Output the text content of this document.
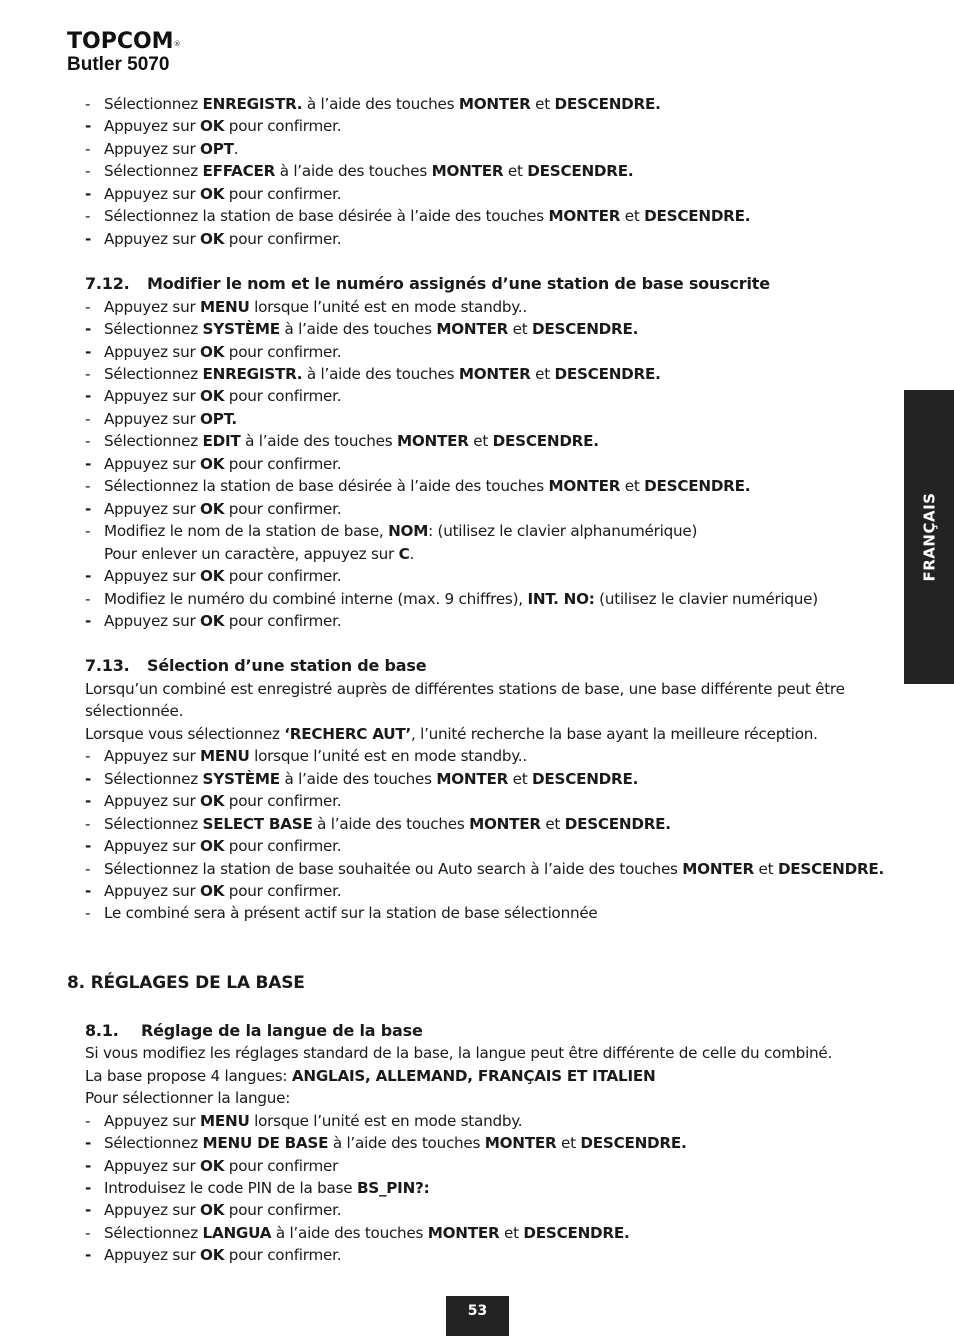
TOPCOM®
Butler 5070

- Sélectionnez ENREGISTR. à l’aide des touches MONTER et DESCENDRE.

- Appuyez sur OK pour confirmer.

- Appuyez sur OPT.

- Sélectionnez EFFACER à l’aide des touches MONTER et DESCENDRE.

- Appuyez sur OK pour confirmer.

- Sélectionnez la station de base désirée à l’aide des touches MONTER et DESCENDRE.

- Appuyez sur OK pour confirmer.

7.12. Modifier le nom et le numéro assignés d’une station de base souscrite

- Appuyez sur MENU lorsque l’unité est en mode standby..

- Sélectionnez SYSTÈME à l’aide des touches MONTER et DESCENDRE.

- Appuyez sur OK pour confirmer.

- Sélectionnez ENREGISTR. à l’aide des touches MONTER et DESCENDRE.

- Appuyez sur OK pour confirmer.

- Appuyez sur OPT.

- Sélectionnez EDIT à l’aide des touches MONTER et DESCENDRE.

- Appuyez sur OK pour confirmer.

- Sélectionnez la station de base désirée à l’aide des touches MONTER et DESCENDRE.

- Appuyez sur OK pour confirmer.

- Modifiez le nom de la station de base, NOM: (utilisez le clavier alphanumérique)
Pour enlever un caractère, appuyez sur C.

- Appuyez sur OK pour confirmer.

- Modifiez le numéro du combiné interne (max. 9 chiffres), INT. NO: (utilisez le clavier numérique)

- Appuyez sur OK pour confirmer.

7.13. Sélection d’une station de base

Lorsqu’un combiné est enregistré auprès de différentes stations de base, une base différente peut être sélectionnée.

Lorsque vous sélectionnez ‘RECHERC AUT’, l’unité recherche la base ayant la meilleure réception.

- Appuyez sur MENU lorsque l’unité est en mode standby..

- Sélectionnez SYSTÈME à l’aide des touches MONTER et DESCENDRE.

- Appuyez sur OK pour confirmer.

- Sélectionnez SELECT BASE à l’aide des touches MONTER et DESCENDRE.

- Appuyez sur OK pour confirmer.

- Sélectionnez la station de base souhaitée ou Auto search à l’aide des touches MONTER et DESCENDRE.

- Appuyez sur OK pour confirmer.

- Le combiné sera à présent actif sur la station de base sélectionnée

8. RÉGLAGES DE LA BASE
8.1. Réglage de la langue de la base

Si vous modifiez les réglages standard de la base, la langue peut être différente de celle du combiné.

La base propose 4 langues: ANGLAIS, ALLEMAND, FRANÇAIS ET ITALIEN

Pour sélectionner la langue:

- Appuyez sur MENU lorsque l’unité est en mode standby.

- Sélectionnez MENU DE BASE à l’aide des touches MONTER et DESCENDRE.

- Appuyez sur OK pour confirmer

- Introduisez le code PIN de la base BS_PIN?:

- Appuyez sur OK pour confirmer.

- Sélectionnez LANGUA à l’aide des touches MONTER et DESCENDRE.

- Appuyez sur OK pour confirmer.

FRANÇAIS
53
